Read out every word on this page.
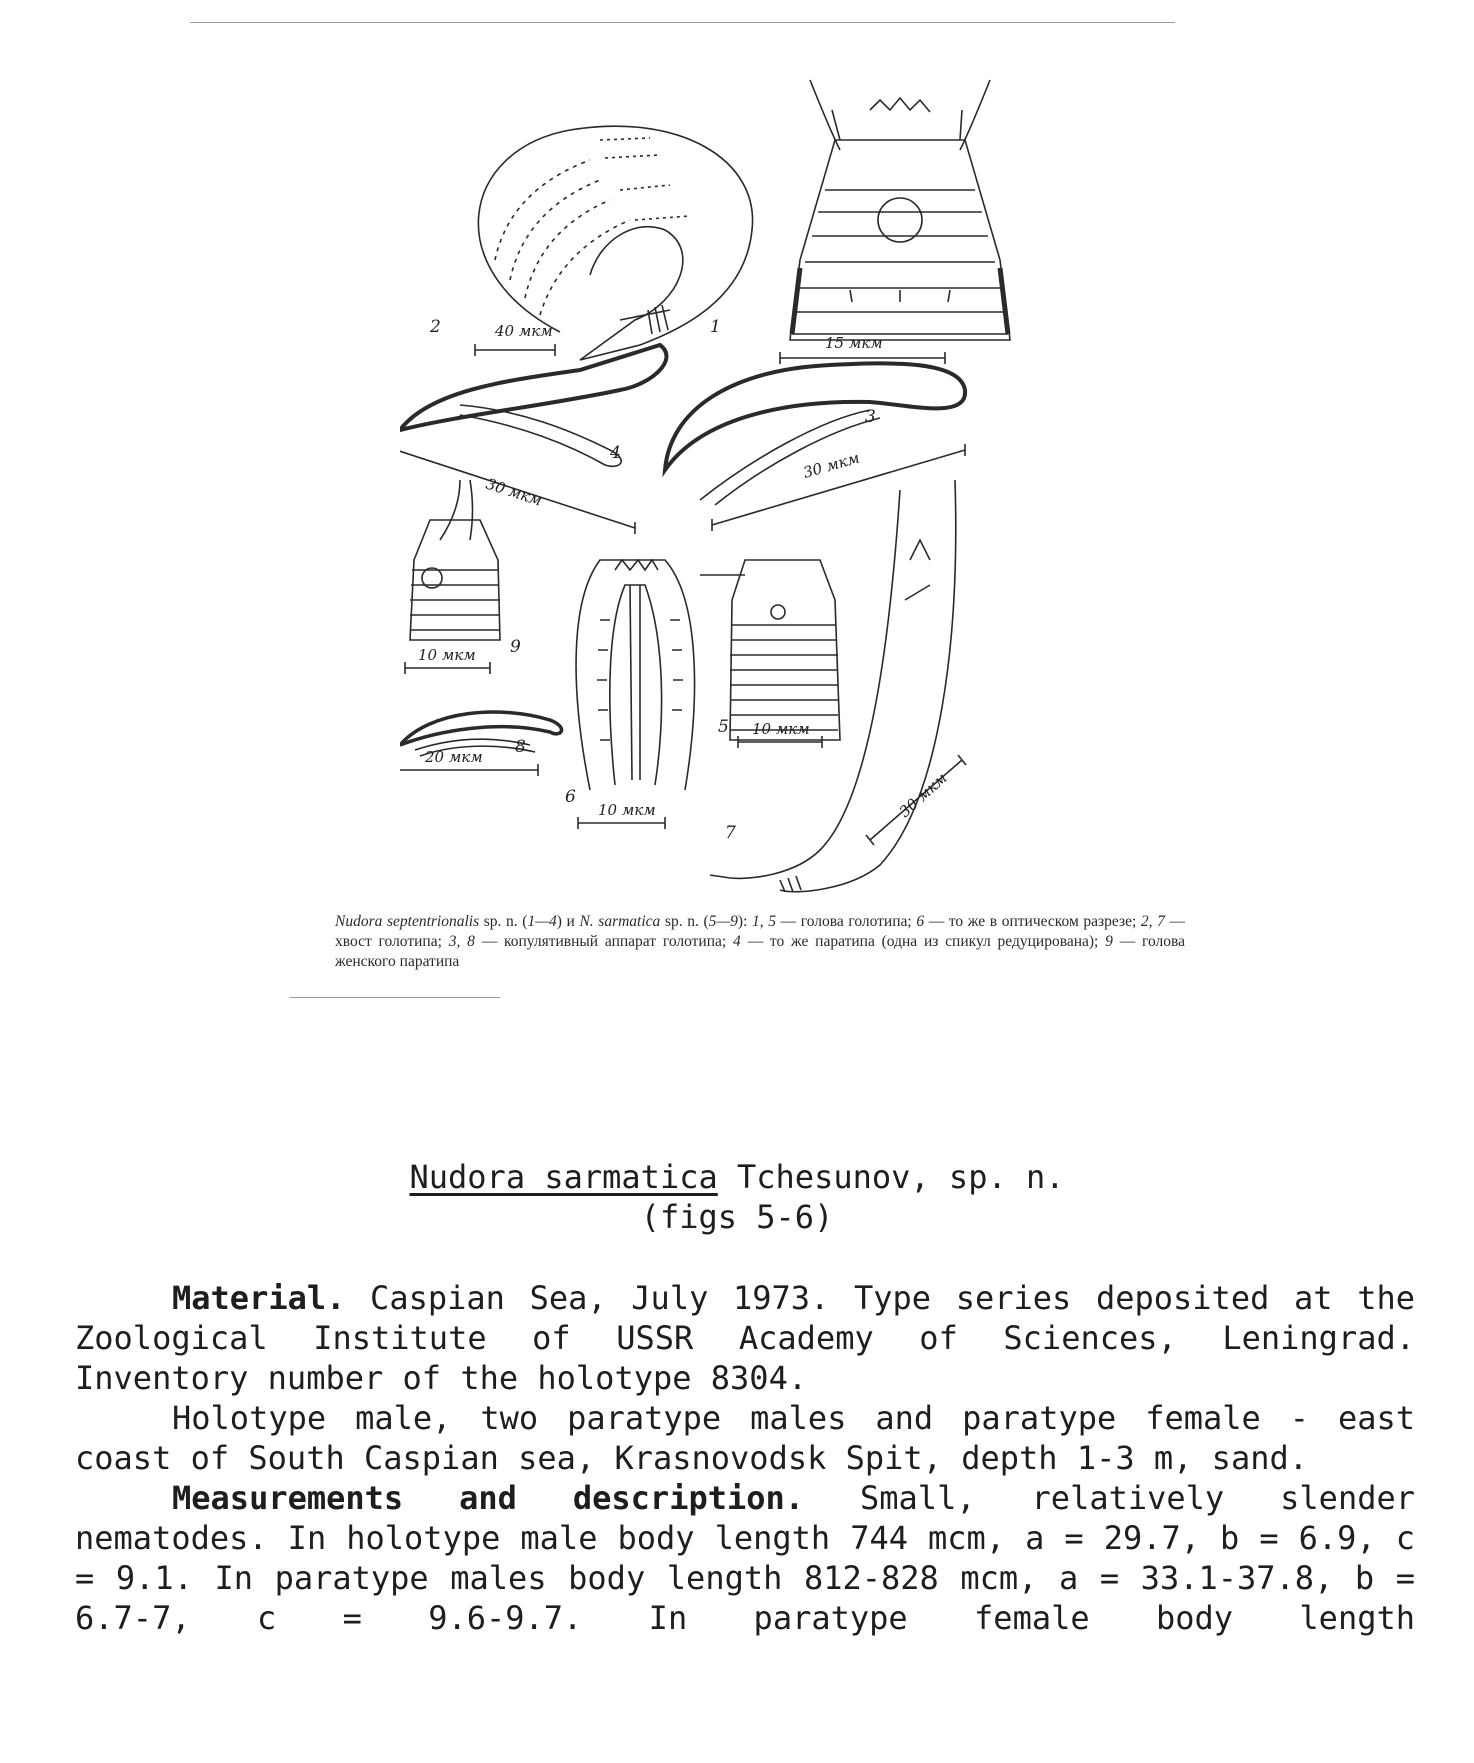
40 мкм
15 мкм
30 мкм
30 мкм
10 мкм
20 мкм
10 мкм
10 мкм
30 мкм
1
2
3
4
5
6
7
8
9
Nudora septentrionalis sp. n. (1—4) и N. sarmatica sp. n. (5—9): 1, 5 — голова голотипа; 6 — то же в оптическом разрезе; 2, 7 — хвост голотипа; 3, 8 — копулятивный аппарат голотипа; 4 — то же паратипа (одна из спикул редуцирована); 9 — голова женского паратипа
Nudora sarmatica Tchesunov, sp. n.
(figs 5-6)

Material. Caspian Sea, July 1973. Type series deposited at the Zoological Institute of USSR Academy of Sciences, Leningrad. Inventory number of the holotype 8304.

Holotype male, two paratype males and paratype female - east coast of South Caspian sea, Krasnovodsk Spit, depth 1-3 m, sand.

Measurements and description. Small, relatively slender nematodes. In holotype male body length 744 mcm, a = 29.7, b = 6.9, c = 9.1. In paratype males body length 812-828 mcm, a = 33.1-37.8, b = 6.7-7, c = 9.6-9.7. In paratype female body length
